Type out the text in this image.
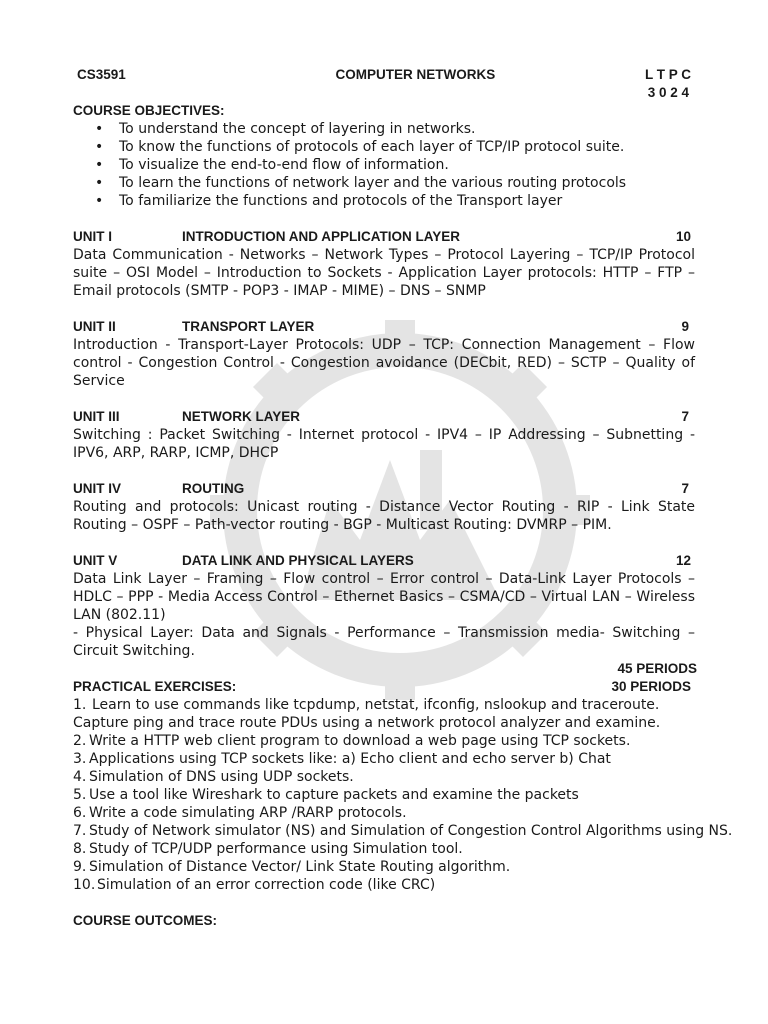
CS3591	COMPUTER NETWORKS	L T P C
3 0 2 4
COURSE OBJECTIVES:
• To understand the concept of layering in networks.
• To know the functions of protocols of each layer of TCP/IP protocol suite.
• To visualize the end-to-end flow of information.
• To learn the functions of network layer and the various routing protocols
• To familiarize the functions and protocols of the Transport layer
UNIT I	INTRODUCTION AND APPLICATION LAYER	10
Data Communication - Networks – Network Types – Protocol Layering – TCP/IP Protocol suite – OSI Model – Introduction to Sockets - Application Layer protocols: HTTP – FTP – Email protocols (SMTP - POP3 - IMAP - MIME) – DNS – SNMP
UNIT II	TRANSPORT LAYER	9
Introduction - Transport-Layer Protocols: UDP – TCP: Connection Management – Flow control - Congestion Control - Congestion avoidance (DECbit, RED) – SCTP – Quality of Service
UNIT III	NETWORK LAYER	7
Switching : Packet Switching - Internet protocol - IPV4 – IP Addressing – Subnetting - IPV6, ARP, RARP, ICMP, DHCP
UNIT IV	ROUTING	7
Routing and protocols: Unicast routing - Distance Vector Routing - RIP - Link State Routing – OSPF – Path-vector routing - BGP - Multicast Routing: DVMRP – PIM.
UNIT V	DATA LINK AND PHYSICAL LAYERS	12
Data Link Layer – Framing – Flow control – Error control – Data-Link Layer Protocols – HDLC – PPP - Media Access Control – Ethernet Basics – CSMA/CD – Virtual LAN – Wireless LAN (802.11)
- Physical Layer: Data and Signals - Performance – Transmission media- Switching – Circuit Switching.
45 PERIODS
PRACTICAL EXERCISES:	30 PERIODS
1. Learn to use commands like tcpdump, netstat, ifconfig, nslookup and traceroute.
Capture ping and trace route PDUs using a network protocol analyzer and examine.
2. Write a HTTP web client program to download a web page using TCP sockets.
3. Applications using TCP sockets like: a) Echo client and echo server b) Chat
4. Simulation of DNS using UDP sockets.
5. Use a tool like Wireshark to capture packets and examine the packets
6. Write a code simulating ARP /RARP protocols.
7. Study of Network simulator (NS) and Simulation of Congestion Control Algorithms using NS.
8. Study of TCP/UDP performance using Simulation tool.
9. Simulation of Distance Vector/ Link State Routing algorithm.
10. Simulation of an error correction code (like CRC)
COURSE OUTCOMES:
